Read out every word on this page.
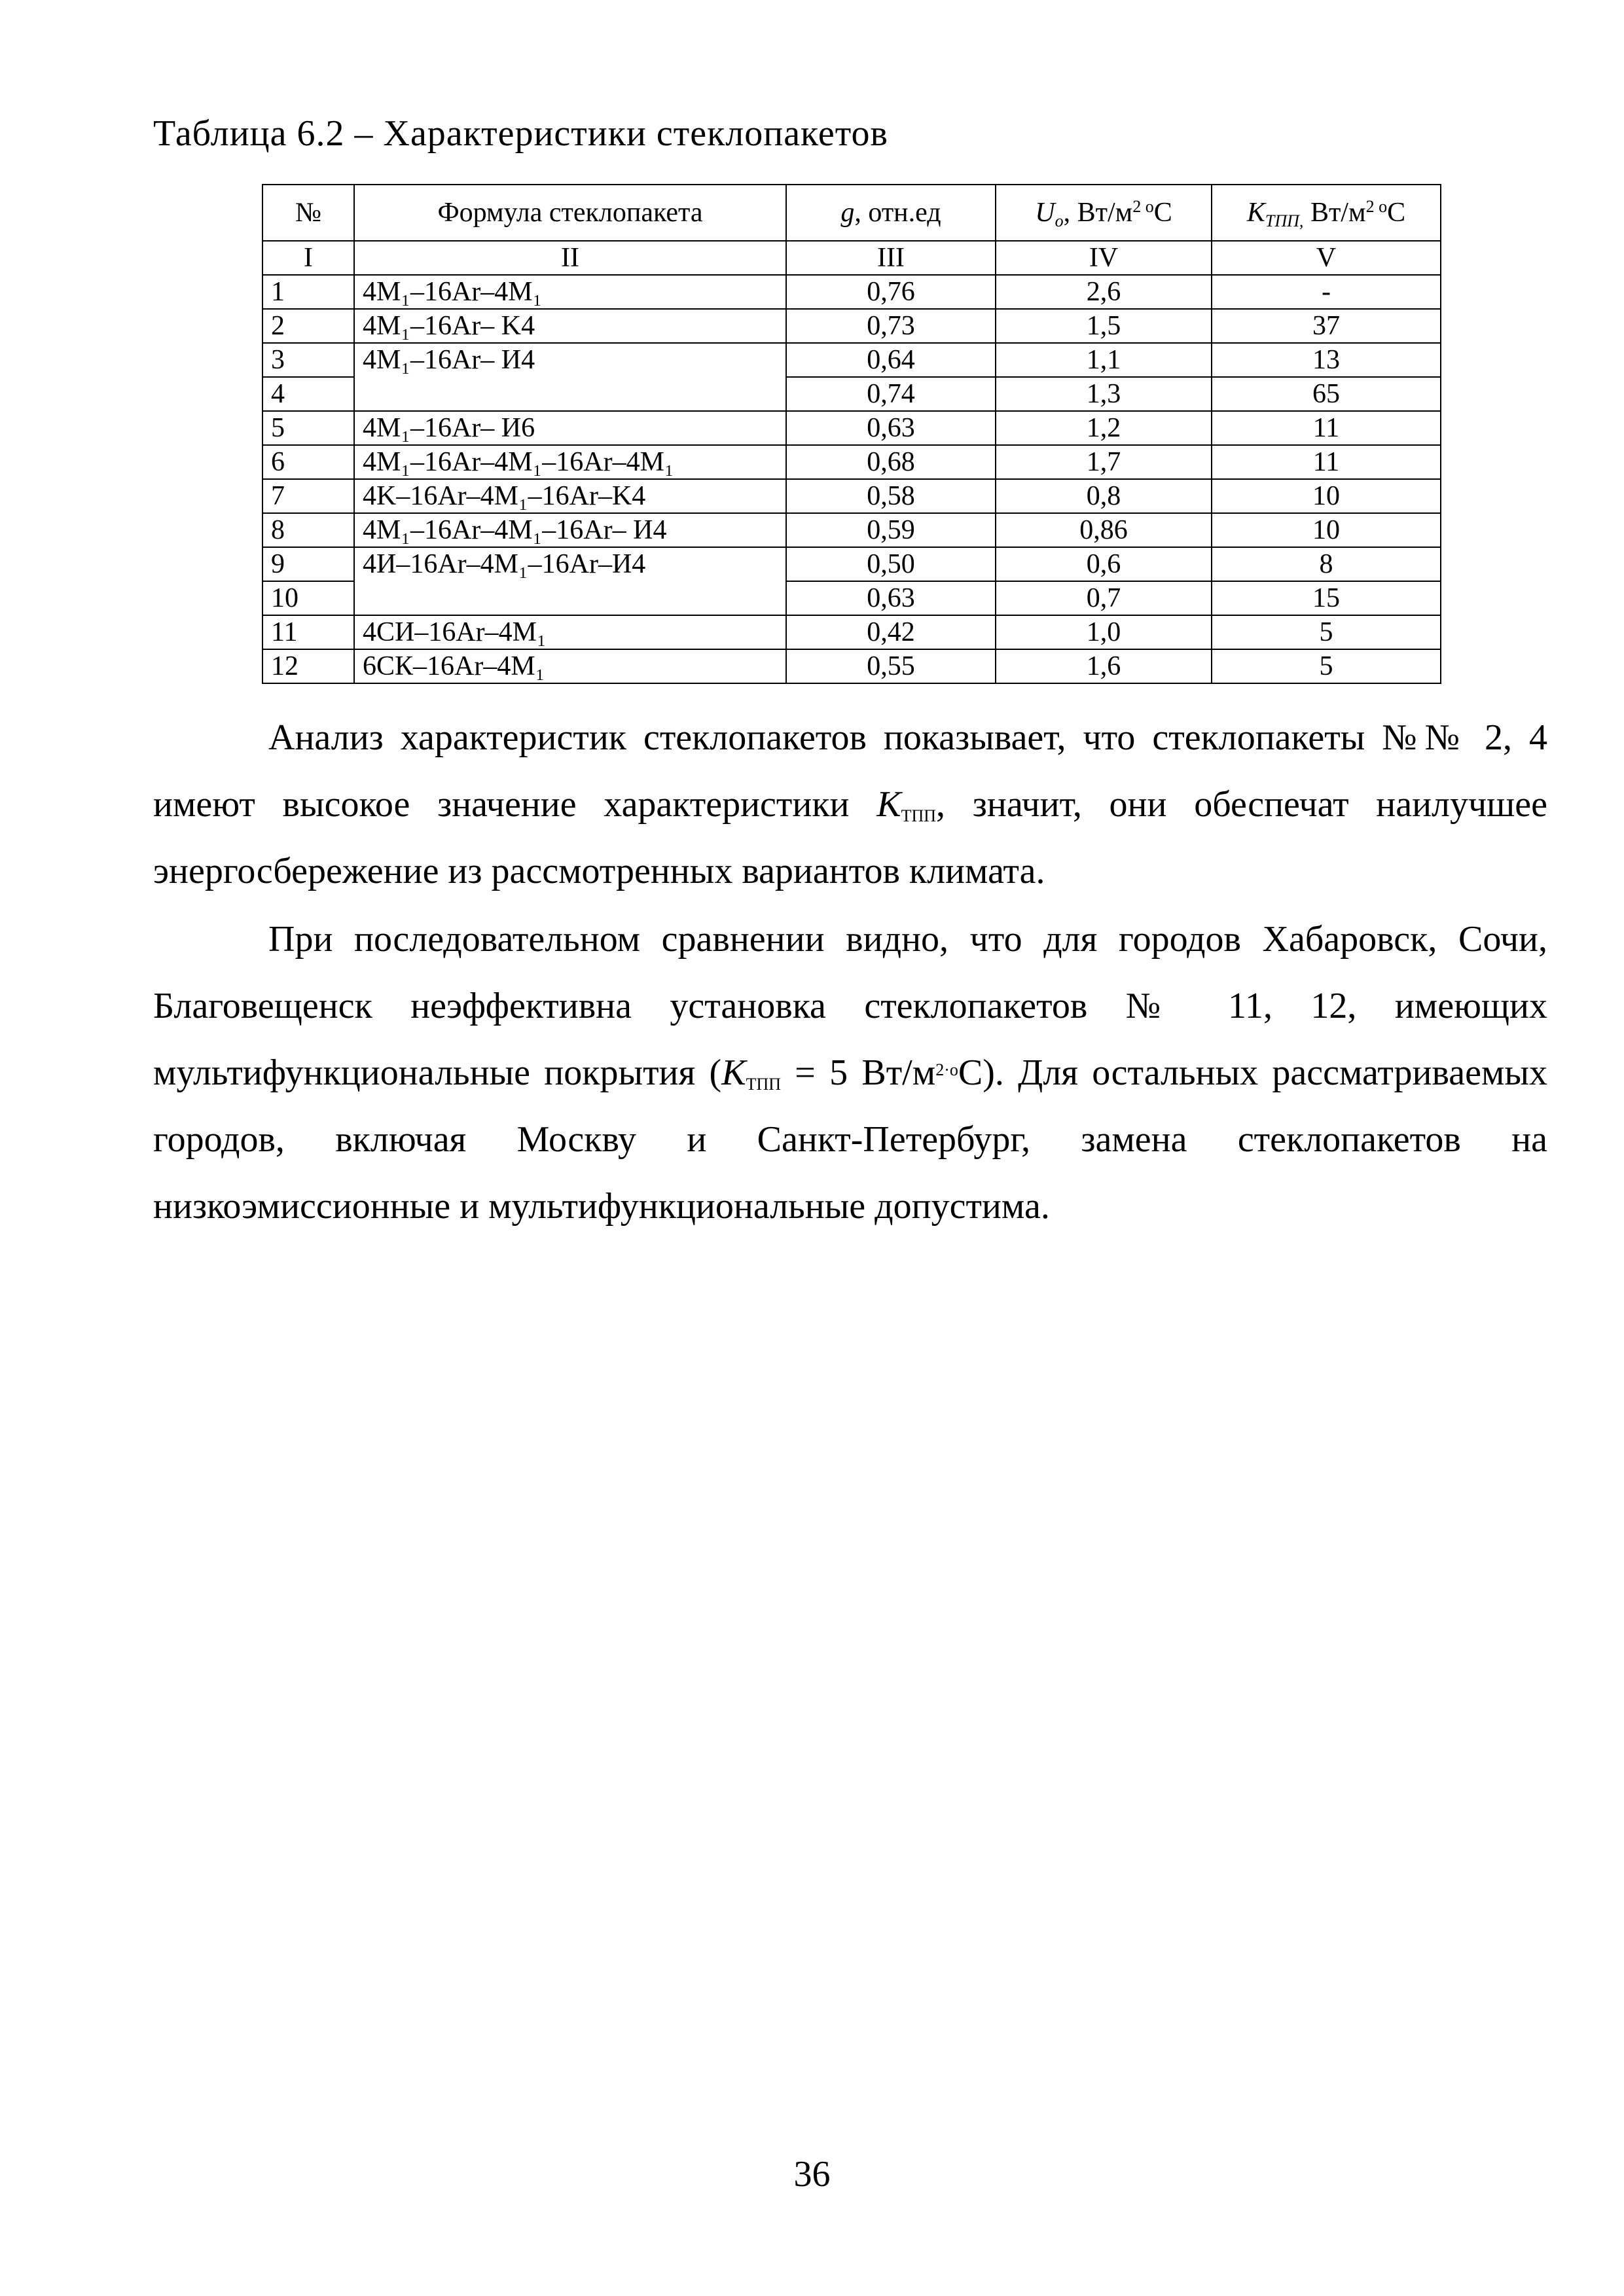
Таблица 6.2 – Характеристики стеклопакетов
№	Формула стеклопакета	g, отн.ед	$U_о$, $Вт/м^{2 о}С$	$K_{ТПП,}$ $Вт/м^{2 о}С$
I	II	III	IV	V
1	4M₁–16Ar–4M₁	0,76	2,6	-
2	4M₁–16Ar– K4	0,73	1,5	37
3	4M₁–16Ar– И4	0,64	1,1	13
4		0,74	1,3	65
5	4M₁–16Ar– И6	0,63	1,2	11
6	4M₁–16Ar–4M₁–16Ar–4M₁	0,68	1,7	11
7	4K–16Ar–4M₁–16Ar–K4	0,58	0,8	10
8	4M₁–16Ar–4M₁–16Ar– И4	0,59	0,86	10
9	4И–16Ar–4M₁–16Ar–И4	0,50	0,6	8
10		0,63	0,7	15
11	4СИ–16Ar–4M₁	0,42	1,0	5
12	6СК–16Ar–4M₁	0,55	1,6	5
Анализ характеристик стеклопакетов показывает, что стеклопакеты №№ 2, 4 имеют высокое значение характеристики $K_{ТПП}$, значит, они обеспечат наилучшее энергосбережение из рассмотренных вариантов климата.
При последовательном сравнении видно, что для городов Хабаровск, Сочи, Благовещенск неэффективна установка стеклопакетов № 11, 12, имеющих мультифункциональные покрытия ($K_{ТПП} = 5$ $Вт/м^{2\cdot о}С$). Для остальных рассматриваемых городов, включая Москву и Санкт-Петербург, замена стеклопакетов на низкоэмиссионные и мультифункциональные допустима.
36
